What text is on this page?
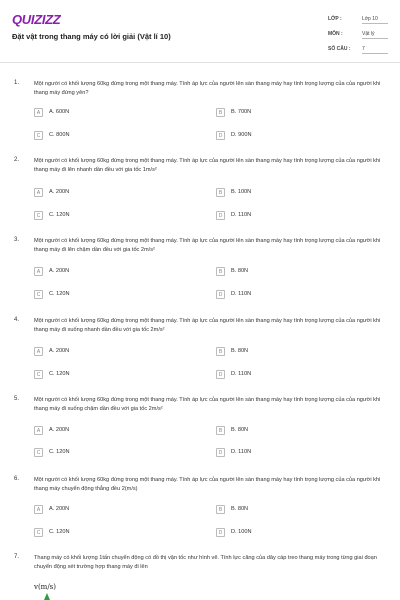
QUIZIZZ
Đặt vật trong thang máy có lời giải (Vật lí 10)
LỚP :	Lớp 10
MÔN :	Vật lý
SỐ CÂU : 7
1.	Một người có khối lượng 60kg đứng trong một thang máy. Tính áp lực của người lên sàn thang máy hay tính trọng lượng của của người khi thang máy đứng yên?
A	A. 600N	B	B. 700N
C	C. 800N	D	D. 900N
2.	Một người có khối lượng 60kg đứng trong một thang máy. Tính áp lực của người lên sàn thang máy hay tính trọng lượng của của người khi thang máy đi lên nhanh dần đều với gia tốc 1m/s²
A	A. 200N	B	B. 100N
C	C. 120N	D	D. 110N
3.	Một người có khối lượng 60kg đứng trong một thang máy. Tính áp lực của người lên sàn thang máy hay tính trọng lượng của của người khi thang máy đi lên chậm dần đều với gia tốc 2m/s²
A	A. 200N	B	B. 80N
C	C. 120N	D	D. 110N
4.	Một người có khối lượng 60kg đứng trong một thang máy. Tính áp lực của người lên sàn thang máy hay tính trọng lượng của của người khi thang máy đi xuống nhanh dần đều với gia tốc 2m/s²
A	A. 200N	B	B. 80N
C	C. 120N	D	D. 110N
5.	Một người có khối lượng 60kg đứng trong một thang máy. Tính áp lực của người lên sàn thang máy hay tính trọng lượng của của người khi thang máy đi xuống chậm dần đều với gia tốc 2m/s²
A	A. 200N	B	B. 80N
C	C. 120N	D	D. 110N
6.	Một người có khối lượng 60kg đứng trong một thang máy. Tính áp lực của người lên sàn thang máy hay tính trọng lượng của của người khi thang máy chuyển động thẳng đều 2(m/s)
A	A. 200N	B	B. 80N
C	C. 120N	D	D. 100N
7.	Thang máy có khối lượng 1tấn chuyển động có đồ thị vận tốc như hình vẽ. Tính lực căng của dây cáp treo thang máy trong từng giai đoạn chuyển động xét trường hợp thang máy đi lên
v(m/s)
